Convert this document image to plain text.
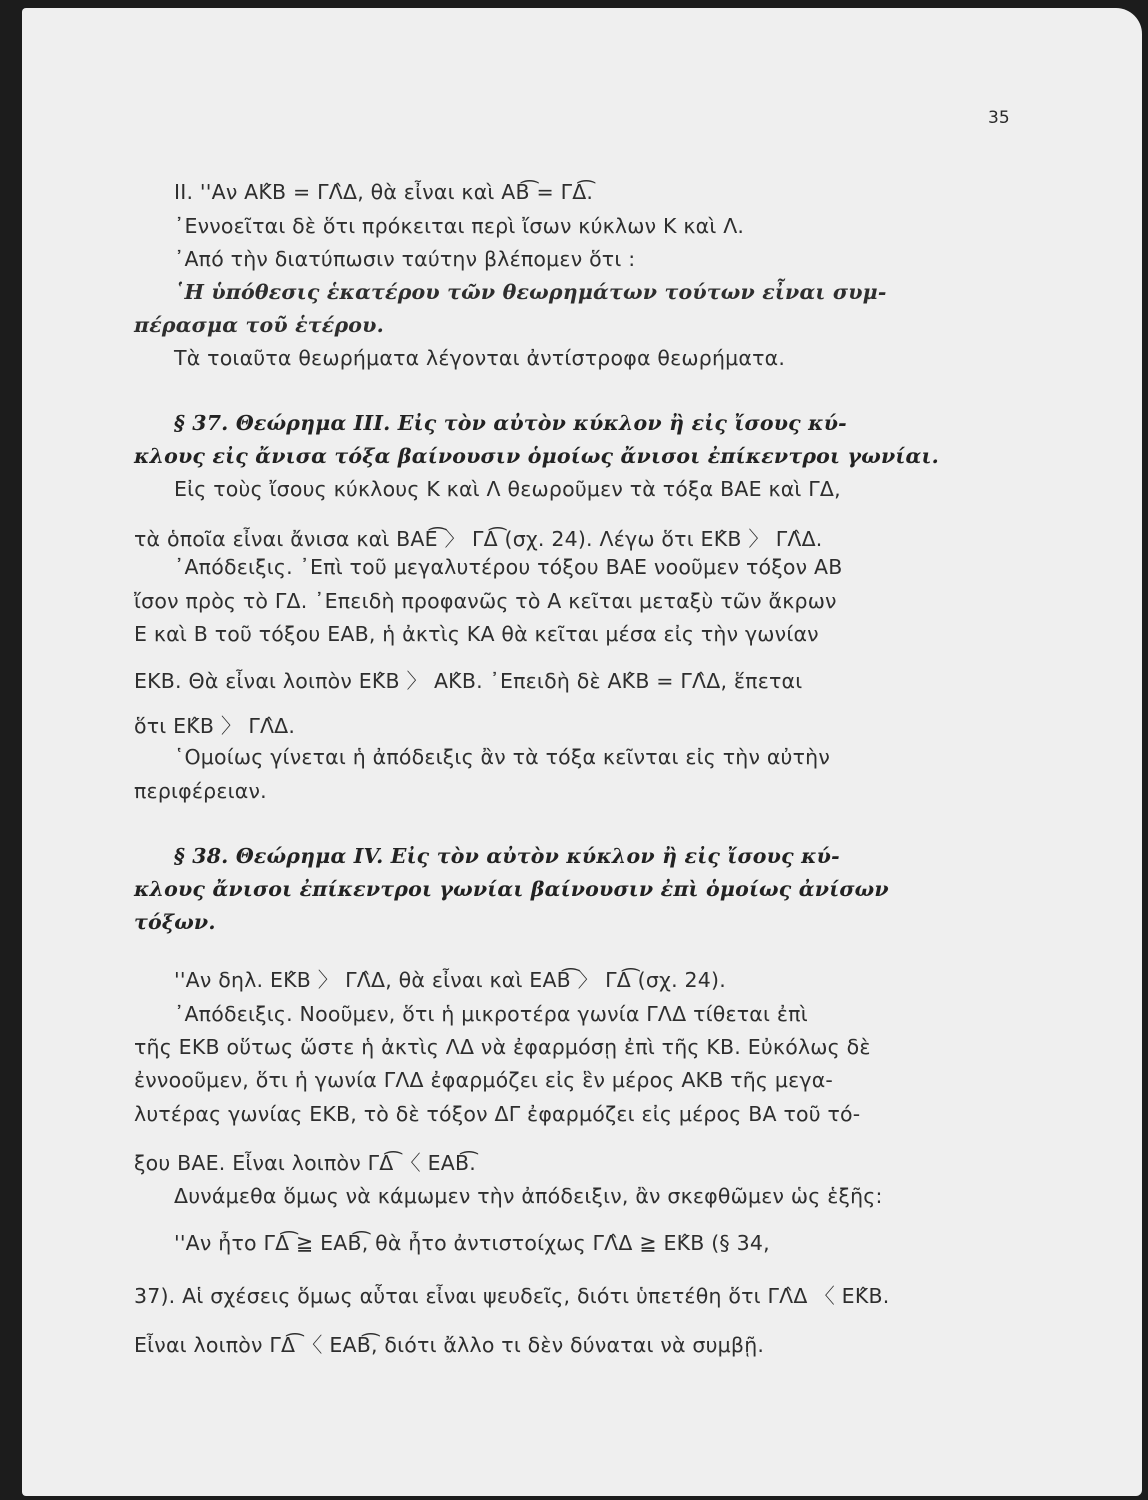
35
II. ''Αν ΑΚ̂Β = ΓΛ̂Δ, θὰ εἶναι καὶ ΑΒ͡ = ΓΔ͡.
᾿Εννοεῖται δὲ ὅτι πρόκειται περὶ ἴσων κύκλων Κ καὶ Λ.
᾿Από τὴν διατύπωσιν ταύτην βλέπομεν ὅτι :
῾Η ὑπόθεσις ἑκατέρου τῶν θεωρημάτων τούτων εἶναι συμ-
πέρασμα τοῦ ἑτέρου.
Τὰ τοιαῦτα θεωρήματα λέγονται ἀντίστροφα θεωρήματα.
§ 37. Θεώρημα III. Εἰς τὸν αὐτὸν κύκλον ἢ εἰς ἴσους κύ-
κλους εἰς ἄνισα τόξα βαίνουσιν ὁμοίως ἄνισοι ἐπίκεντροι γωνίαι.
Εἰς τοὺς ἴσους κύκλους Κ καὶ Λ θεωροῦμεν τὰ τόξα ΒΑΕ καὶ ΓΔ,
τὰ ὁποῖα εἶναι ἄνισα καὶ ΒΑΕ͡ 〉 ΓΔ͡ (σχ. 24). Λέγω ὅτι ΕΚ̂Β 〉 ΓΛ̂Δ.
᾿Απόδειξις. ᾿Επὶ τοῦ μεγαλυτέρου τόξου ΒΑΕ νοοῦμεν τόξον ΑΒ
ἴσον πρὸς τὸ ΓΔ. ᾿Επειδὴ προφανῶς τὸ Α κεῖται μεταξὺ τῶν ἄκρων
Ε καὶ Β τοῦ τόξου ΕΑΒ, ἡ ἀκτὶς ΚΑ θὰ κεῖται μέσα εἰς τὴν γωνίαν
ΕΚΒ. Θὰ εἶναι λοιπὸν ΕΚ̂Β 〉 ΑΚ̂Β. ᾿Επειδὴ δὲ ΑΚ̂Β = ΓΛ̂Δ, ἕπεται
ὅτι ΕΚ̂Β 〉 ΓΛ̂Δ.
῾Ομοίως γίνεται ἡ ἀπόδειξις ἂν τὰ τόξα κεῖνται εἰς τὴν αὐτὴν
περιφέρειαν.
§ 38. Θεώρημα IV. Εἰς τὸν αὐτὸν κύκλον ἢ εἰς ἴσους κύ-
κλους ἄνισοι ἐπίκεντροι γωνίαι βαίνουσιν ἐπὶ ὁμοίως ἀνίσων
τόξων.
''Αν δηλ. ΕΚ̂Β 〉 ΓΛ̂Δ, θὰ εἶναι καὶ ΕΑΒ͡ 〉 ΓΔ͡ (σχ. 24).
᾿Απόδειξις. Νοοῦμεν, ὅτι ἡ μικροτέρα γωνία ΓΛΔ τίθεται ἐπὶ
τῆς ΕΚΒ οὕτως ὥστε ἡ ἀκτὶς ΛΔ νὰ ἐφαρμόσῃ ἐπὶ τῆς ΚΒ. Εὐκόλως δὲ
ἐννοοῦμεν, ὅτι ἡ γωνία ΓΛΔ ἐφαρμόζει εἰς ἓν μέρος ΑΚΒ τῆς μεγα-
λυτέρας γωνίας ΕΚΒ, τὸ δὲ τόξον ΔΓ ἐφαρμόζει εἰς μέρος ΒΑ τοῦ τό-
ξου ΒΑΕ. Εἶναι λοιπὸν ΓΔ͡ 〈 ΕΑΒ͡.
Δυνάμεθα ὅμως νὰ κάμωμεν τὴν ἀπόδειξιν, ἂν σκεφθῶμεν ὡς ἑξῆς:
''Αν ἦτο ΓΔ͡ ≧ ΕΑΒ͡, θὰ ἦτο ἀντιστοίχως ΓΛ̂Δ ≧ ΕΚ̂Β (§ 34,
37). Αἱ σχέσεις ὅμως αὗται εἶναι ψευδεῖς, διότι ὑπετέθη ὅτι ΓΛ̂Δ 〈 ΕΚ̂Β.
Εἶναι λοιπὸν ΓΔ͡ 〈 ΕΑΒ͡, διότι ἄλλο τι δὲν δύναται νὰ συμβῇ.
